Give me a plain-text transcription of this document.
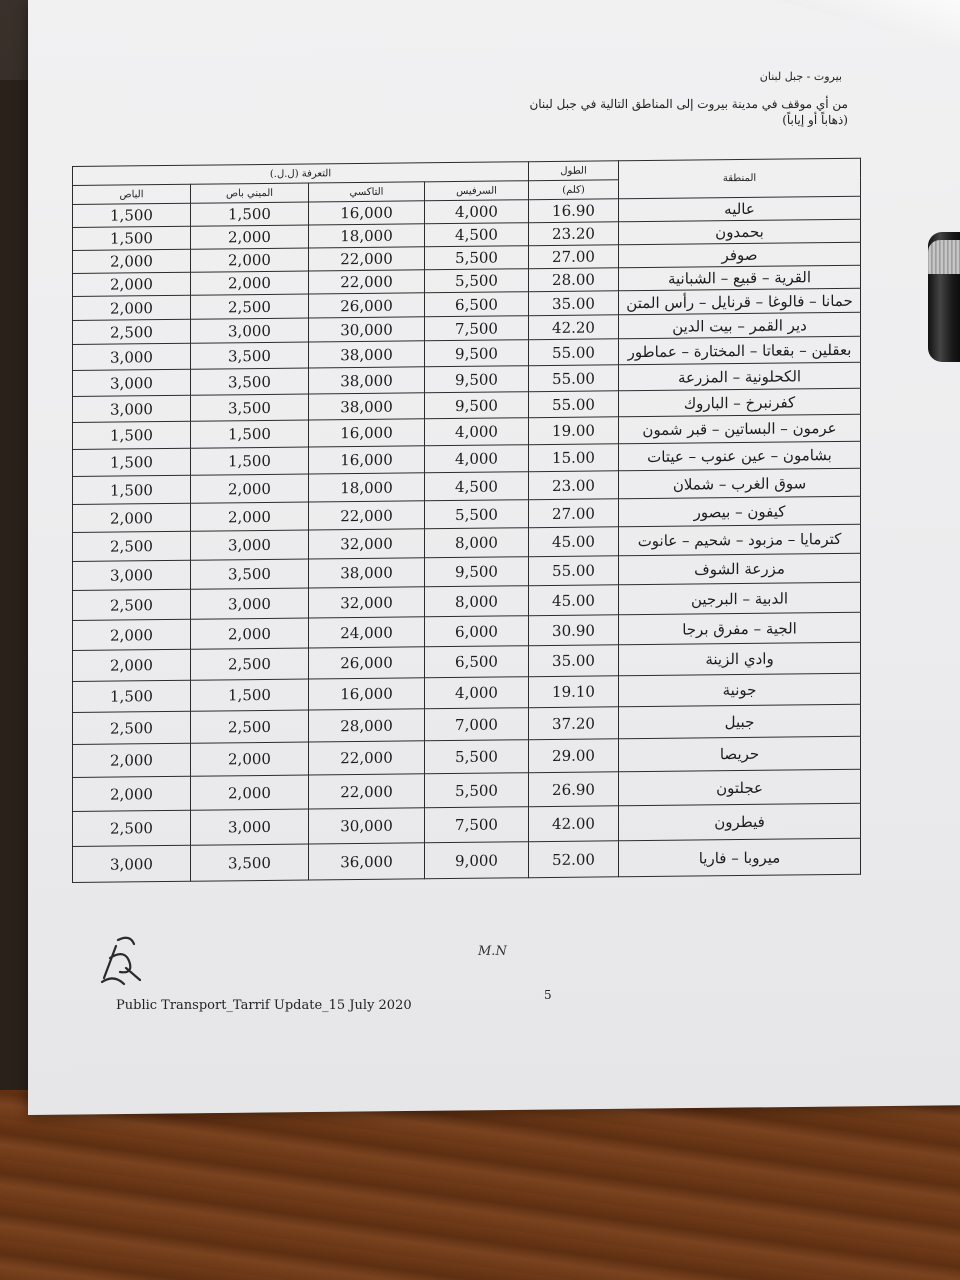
بيروت - جبل لبنان
من أي موقف في مدينة بيروت إلى المناطق التالية في جبل لبنان (ذهاباً أو إياباً)
التعرفة (ل.ل.)				الطول	المنطقة
الباص	الميني باص	التاكسي	السرفيس	(كلم)	
1,500	1,500	16,000	4,000	16.90	عاليه
1,500	2,000	18,000	4,500	23.20	بحمدون
2,000	2,000	22,000	5,500	27.00	صوفر
2,000	2,000	22,000	5,500	28.00	القرية – قبيع – الشبانية
2,000	2,500	26,000	6,500	35.00	حمانا – فالوغا – قرنايل – رأس المتن
2,500	3,000	30,000	7,500	42.20	دير القمر – بيت الدين
3,000	3,500	38,000	9,500	55.00	بعقلين – بقعاتا – المختارة – عماطور
3,000	3,500	38,000	9,500	55.00	الكحلونية – المزرعة
3,000	3,500	38,000	9,500	55.00	كفرنبرخ – الباروك
1,500	1,500	16,000	4,000	19.00	عرمون – البساتين – قبر شمون
1,500	1,500	16,000	4,000	15.00	بشامون – عين عنوب – عيتات
1,500	2,000	18,000	4,500	23.00	سوق الغرب – شملان
2,000	2,000	22,000	5,500	27.00	كيفون – بيصور
2,500	3,000	32,000	8,000	45.00	كترمايا – مزبود – شحيم – عانوت
3,000	3,500	38,000	9,500	55.00	مزرعة الشوف
2,500	3,000	32,000	8,000	45.00	الدبية – البرجين
2,000	2,000	24,000	6,000	30.90	الجية – مفرق برجا
2,000	2,500	26,000	6,500	35.00	وادي الزينة
1,500	1,500	16,000	4,000	19.10	جونية
2,500	2,500	28,000	7,000	37.20	جبيل
2,000	2,000	22,000	5,500	29.00	حريصا
2,000	2,000	22,000	5,500	26.90	عجلتون
2,500	3,000	30,000	7,500	42.00	فيطرون
3,000	3,500	36,000	9,000	52.00	ميروبا – فاريا
M.N
5
Public Transport_Tarrif Update_15 July 2020
